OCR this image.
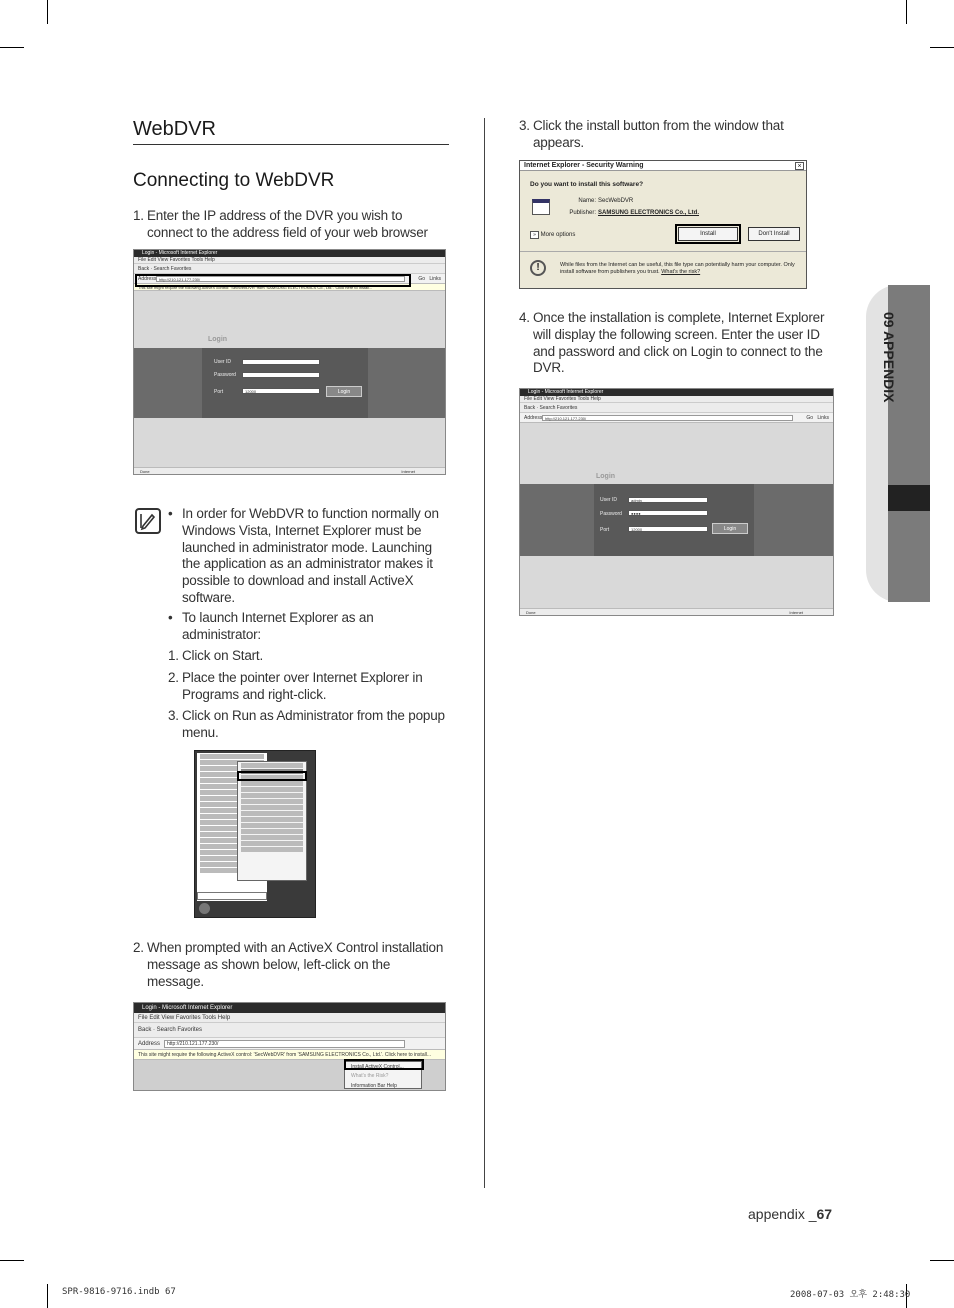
WebDVR
Connecting to WebDVR
1. Enter the IP address of the DVR you wish to connect to the address field of your web browser
Login - Microsoft Internet Explorer
File Edit View Favorites Tools Help
Back · Search Favorites
Address http://210.121.177.230/	Go Links
This site might require the following ActiveX control: 'SecWebDVR' from 'SAMSUNG ELECTRONICS Co., Ltd.'. Click here to install...
Login
User ID
Password
Port	12000	Login
Done	Internet
• In order for WebDVR to function normally on Windows Vista, Internet Explorer must be launched in administrator mode. Launching the application as an administrator makes it possible to download and install ActiveX software.
• To launch Internet Explorer as an administrator:
1. Click on Start.
2. Place the pointer over Internet Explorer in Programs and right-click.
3. Click on Run as Administrator from the popup menu.
2. When prompted with an ActiveX Control installation message as shown below, left-click on the message.
Login - Microsoft Internet Explorer
File Edit View Favorites Tools Help
Back · Search Favorites
Address	http://210.121.177.230/
This site might require the following ActiveX control: 'SecWebDVR' from 'SAMSUNG ELECTRONICS Co., Ltd.'. Click here to install...
Install ActiveX Control...
What's the Risk?
Information Bar Help
3. Click the install button from the window that appears.
Internet Explorer - Security Warning	×
Do you want to install this software?
Name: SecWebDVR
Publisher: SAMSUNG ELECTRONICS Co., Ltd.
» More options	Install	Don't Install
!	While files from the Internet can be useful, this file type can potentially harm your computer. Only install software from publishers you trust. What's the risk?
4. Once the installation is complete, Internet Explorer will display the following screen. Enter the user ID and password and click on Login to connect to the DVR.
Login - Microsoft Internet Explorer
File Edit View Favorites Tools Help
Back · Search Favorites
Address http://210.121.177.230/	Go Links
Login
User ID	admin
Password	●●●●
Port	12000	Login
Done	Internet
09 APPENDIX
appendix _67
SPR-9816-9716.indb 67	2008-07-03 오후 2:48:30
